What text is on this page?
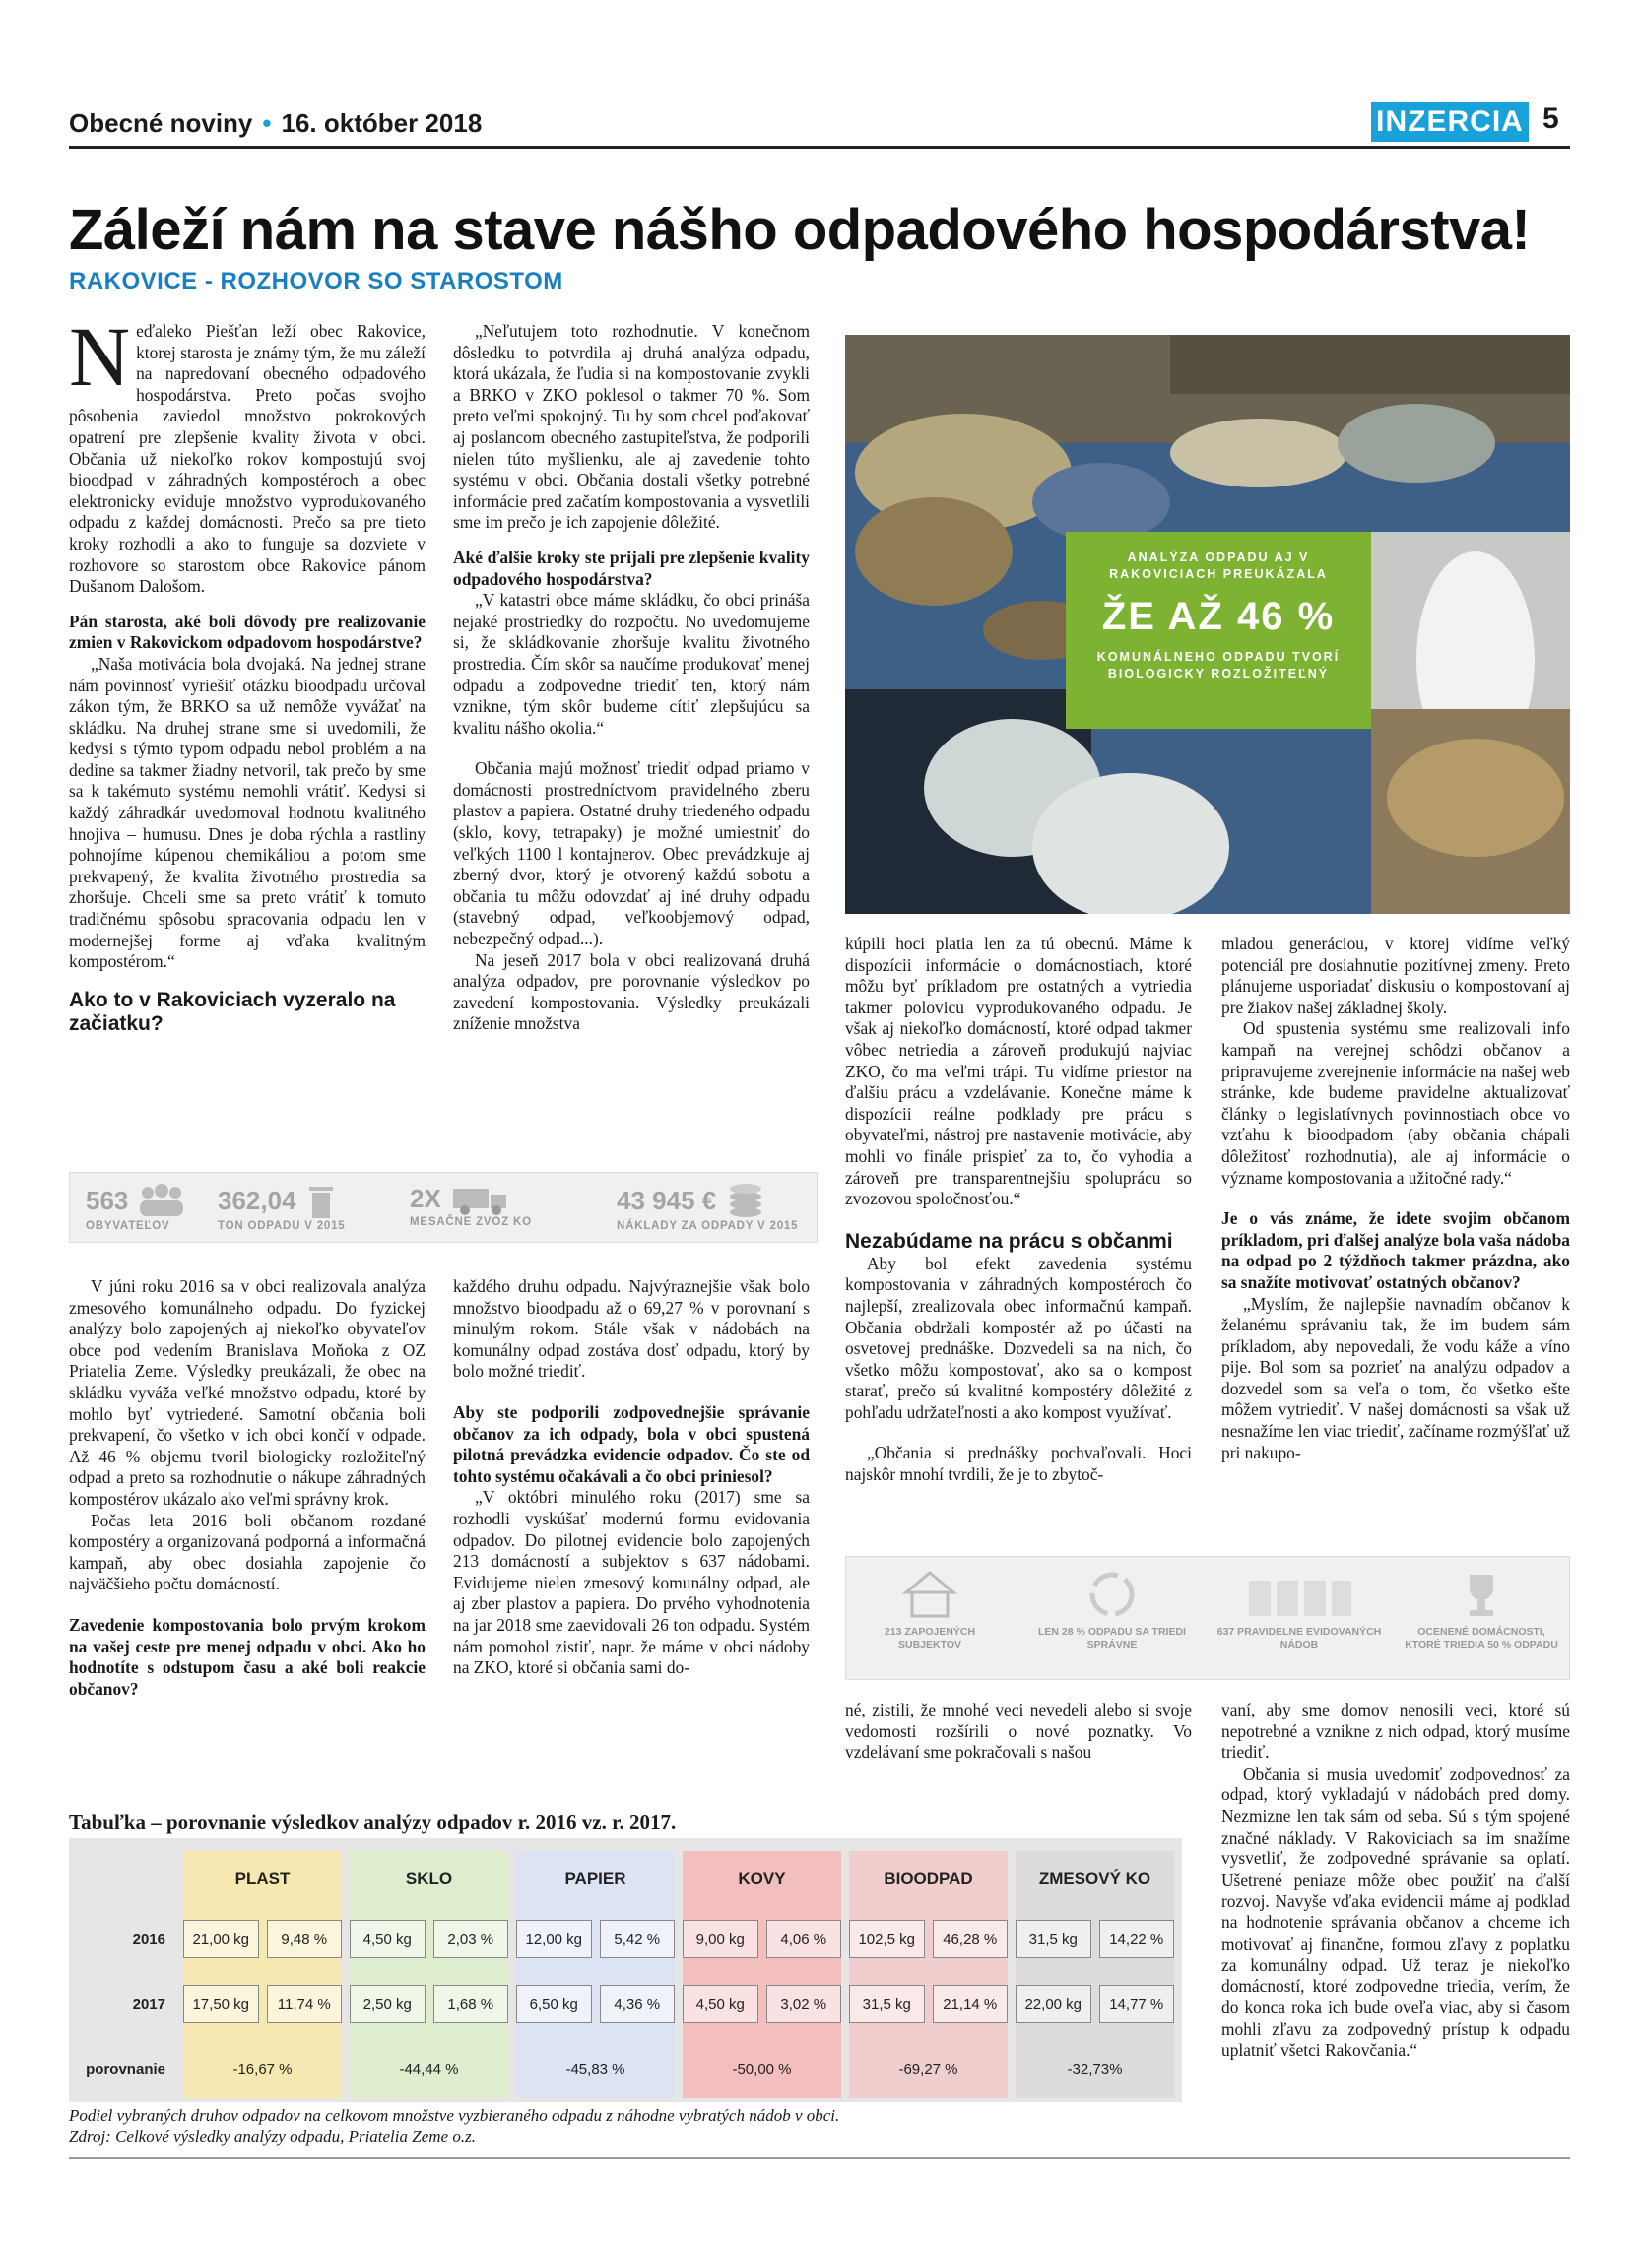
Obecné noviny • 16. október 2018	INZERCIA 5
Záleží nám na stave nášho odpadového hospodárstva!
RAKOVICE - ROZHOVOR SO STAROSTOM

Neďaleko Piešťan leží obec Rakovice, ktorej starosta je známy tým, že mu záleží na napredovaní obecného odpadového hospodárstva. Preto počas svojho pôsobenia zaviedol množstvo pokrokových opatrení pre zlepšenie kvality života v obci. Občania už niekoľko rokov kompostujú svoj bioodpad v záhradných kompostéroch a obec elektronicky eviduje množstvo vyprodukovaného odpadu z každej domácnosti. Prečo sa pre tieto kroky rozhodli a ako to funguje sa dozviete v rozhovore so starostom obce Rakovice pánom Dušanom Dalošom.

Pán starosta, aké boli dôvody pre realizovanie zmien v Rakovickom odpadovom hospodárstve?

„Naša motivácia bola dvojaká. Na jednej strane nám povinnosť vyriešiť otázku bioodpadu určoval zákon tým, že BRKO sa už nemôže vyvážať na skládku. Na druhej strane sme si uvedomili, že kedysi s týmto typom odpadu nebol problém a na dedine sa takmer žiadny netvoril, tak prečo by sme sa k takémuto systému nemohli vrátiť. Kedysi si každý záhradkár uvedomoval hodnotu kvalitného hnojiva – humusu. Dnes je doba rýchla a rastliny pohnojíme kúpenou chemikáliou a potom sme prekvapený, že kvalita životného prostredia sa zhoršuje. Chceli sme sa preto vrátiť k tomuto tradičnému spôsobu spracovania odpadu len v modernejšej forme aj vďaka kvalitným kompostérom.“

Ako to v Rakoviciach vyzeralo na začiatku?

„Neľutujem toto rozhodnutie. V konečnom dôsledku to potvrdila aj druhá analýza odpadu, ktorá ukázala, že ľudia si na kompostovanie zvykli a BRKO v ZKO poklesol o takmer 70 %. Som preto veľmi spokojný. Tu by som chcel poďakovať aj poslancom obecného zastupiteľstva, že podporili nielen túto myšlienku, ale aj zavedenie tohto systému v obci. Občania dostali všetky potrebné informácie pred začatím kompostovania a vysvetlili sme im prečo je ich zapojenie dôležité.

Aké ďalšie kroky ste prijali pre zlepšenie kvality odpadového hospodárstva?

„V katastri obce máme skládku, čo obci prináša nejaké prostriedky do rozpočtu. No uvedomujeme si, že skládkovanie zhoršuje kvalitu životného prostredia. Čím skôr sa naučíme produkovať menej odpadu a zodpovedne triediť ten, ktorý nám vznikne, tým skôr budeme cítiť zlepšujúcu sa kvalitu nášho okolia.“

Občania majú možnosť triediť odpad priamo v domácnosti prostredníctvom pravidelného zberu plastov a papiera. Ostatné druhy triedeného odpadu (sklo, kovy, tetrapaky) je možné umiestniť do veľkých 1100 l kontajnerov. Obec prevádzkuje aj zberný dvor, ktorý je otvorený každú sobotu a občania tu môžu odovzdať aj iné druhy odpadu (stavebný odpad, veľkoobjemový odpad, nebezpečný odpad...).

Na jeseň 2017 bola v obci realizovaná druhá analýza odpadov, pre porovnanie výsledkov po zavedení kompostovania. Výsledky preukázali zníženie množstva

ANALÝZA ODPADU AJ V
RAKOVICIACH PREUKÁZALA
ŽE AŽ 46 %
KOMUNÁLNEHO ODPADU TVORÍ
BIOLOGICKY ROZLOŽITEĽNÝ

kúpili hoci platia len za tú obecnú. Máme k dispozícii informácie o domácnostiach, ktoré môžu byť príkladom pre ostatných a vytriedia takmer polovicu vyprodukovaného odpadu. Je však aj niekoľko domácností, ktoré odpad takmer vôbec netriedia a zároveň produkujú najviac ZKO, čo ma veľmi trápi. Tu vidíme priestor na ďalšiu prácu a vzdelávanie. Konečne máme k dispozícii reálne podklady pre prácu s obyvateľmi, nástroj pre nastavenie motivácie, aby mohli vo finále prispieť za to, čo vyhodia a zároveň pre transparentnejšiu spoluprácu so zvozovou spoločnosťou.“

Nezabúdame na prácu s občanmi

Aby bol efekt zavedenia systému kompostovania v záhradných kompostéroch čo najlepší, zrealizovala obec informačnú kampaň. Občania obdržali kompostér až po účasti na osvetovej prednáške. Dozvedeli sa na nich, čo všetko môžu kompostovať, ako sa o kompost starať, prečo sú kvalitné kompostéry dôležité z pohľadu udržateľnosti a ako kompost využívať.

„Občania si prednášky pochvaľovali. Hoci najskôr mnohí tvrdili, že je to zbytoč-

mladou generáciou, v ktorej vidíme veľký potenciál pre dosiahnutie pozitívnej zmeny. Preto plánujeme usporiadať diskusiu o kompostovaní aj pre žiakov našej základnej školy.

Od spustenia systému sme realizovali info kampaň na verejnej schôdzi občanov a pripravujeme zverejnenie informácie na našej web stránke, kde budeme pravidelne aktualizovať články o legislatívnych povinnostiach obce vo vzťahu k bioodpadom (aby občania chápali dôležitosť rozhodnutia), ale aj informácie o význame kompostovania a užitočné rady.“

Je o vás známe, že idete svojim občanom príkladom, pri ďalšej analýze bola vaša nádoba na odpad po 2 týždňoch takmer prázdna, ako sa snažíte motivovať ostatných občanov?

„Myslím, že najlepšie navnadím občanov k želanému správaniu tak, že im budem sám príkladom, aby nepovedali, že vodu káže a víno pije. Bol som sa pozrieť na analýzu odpadov a dozvedel som sa veľa o tom, čo všetko ešte môžem vytriediť. V našej domácnosti sa však už nesnažíme len viac triediť, začíname rozmýšľať už pri nakupo-

563
OBYVATEĽOV
362,04
TON ODPADU V 2015
2X
MESAČNE ZVOZ KO
43 945 €
NÁKLADY ZA ODPADY V 2015

V júni roku 2016 sa v obci realizovala analýza zmesového komunálneho odpadu. Do fyzickej analýzy bolo zapojených aj niekoľko obyvateľov obce pod vedením Branislava Moňoka z OZ Priatelia Zeme. Výsledky preukázali, že obec na skládku vyváža veľké množstvo odpadu, ktoré by mohlo byť vytriedené. Samotní občania boli prekvapení, čo všetko v ich obci končí v odpade. Až 46 % objemu tvoril biologicky rozložiteľný odpad a preto sa rozhodnutie o nákupe záhradných kompostérov ukázalo ako veľmi správny krok.

Počas leta 2016 boli občanom rozdané kompostéry a organizovaná podporná a informačná kampaň, aby obec dosiahla zapojenie čo najväčšieho počtu domácností.

Zavedenie kompostovania bolo prvým krokom na vašej ceste pre menej odpadu v obci. Ako ho hodnotíte s odstupom času a aké boli reakcie občanov?

každého druhu odpadu. Najvýraznejšie však bolo množstvo bioodpadu až o 69,27 % v porovnaní s minulým rokom. Stále však v nádobách na komunálny odpad zostáva dosť odpadu, ktorý by bolo možné triediť.

Aby ste podporili zodpovednejšie správanie občanov za ich odpady, bola v obci spustená pilotná prevádzka evidencie odpadov. Čo ste od tohto systému očakávali a čo obci priniesol?

„V októbri minulého roku (2017) sme sa rozhodli vyskúšať modernú formu evidovania odpadov. Do pilotnej evidencie bolo zapojených 213 domácností a subjektov s 637 nádobami. Evidujeme nielen zmesový komunálny odpad, ale aj zber plastov a papiera. Do prvého vyhodnotenia na jar 2018 sme zaevidovali 26 ton odpadu. Systém nám pomohol zistiť, napr. že máme v obci nádoby na ZKO, ktoré si občania sami do-

213 ZAPOJENÝCH SUBJEKTOV
LEN 28 % ODPADU SA TRIEDI SPRÁVNE
637 PRAVIDELNE EVIDOVANÝCH NÁDOB
OCENENÉ DOMÁCNOSTI, KTORÉ TRIEDIA 50 % ODPADU

né, zistili, že mnohé veci nevedeli alebo si svoje vedomosti rozšírili o nové poznatky. Vo vzdelávaní sme pokračovali s našou

vaní, aby sme domov nenosili veci, ktoré sú nepotrebné a vznikne z nich odpad, ktorý musíme triediť.

Občania si musia uvedomiť zodpovednosť za odpad, ktorý vykladajú v nádobách pred domy. Nezmizne len tak sám od seba. Sú s tým spojené značné náklady. V Rakoviciach sa im snažíme vysvetliť, že zodpovedné správanie sa oplatí. Ušetrené peniaze môže obec použiť na ďalší rozvoj. Navyše vďaka evidencii máme aj podklad na hodnotenie správania občanov a chceme ich motivovať aj finančne, formou zľavy z poplatku za komunálny odpad. Už teraz je niekoľko domácností, ktoré zodpovedne triedia, verím, že do konca roka ich bude oveľa viac, aby si časom mohli zľavu za zodpovedný prístup k odpadu uplatniť všetci Rakovčania.“

Tabuľka – porovnanie výsledkov analýzy odpadov r. 2016 vz. r. 2017.
PLAST	SKLO	PAPIER	KOVY	BIOODPAD	ZMESOVÝ KO
2016	21,00 kg	9,48 %	4,50 kg	2,03 %	12,00 kg	5,42 %	9,00 kg	4,06 %	102,5 kg	46,28 %	31,5 kg	14,22 %
2017	17,50 kg	11,74 %	2,50 kg	1,68 %	6,50 kg	4,36 %	4,50 kg	3,02 %	31,5 kg	21,14 %	22,00 kg	14,77 %
porovnanie	-16,67 %	-44,44 %	-45,83 %	-50,00 %	-69,27 %	-32,73%
Podiel vybraných druhov odpadov na celkovom množstve vyzbieraného odpadu z náhodne vybratých nádob v obci.
Zdroj: Celkové výsledky analýzy odpadu, Priatelia Zeme o.z.
